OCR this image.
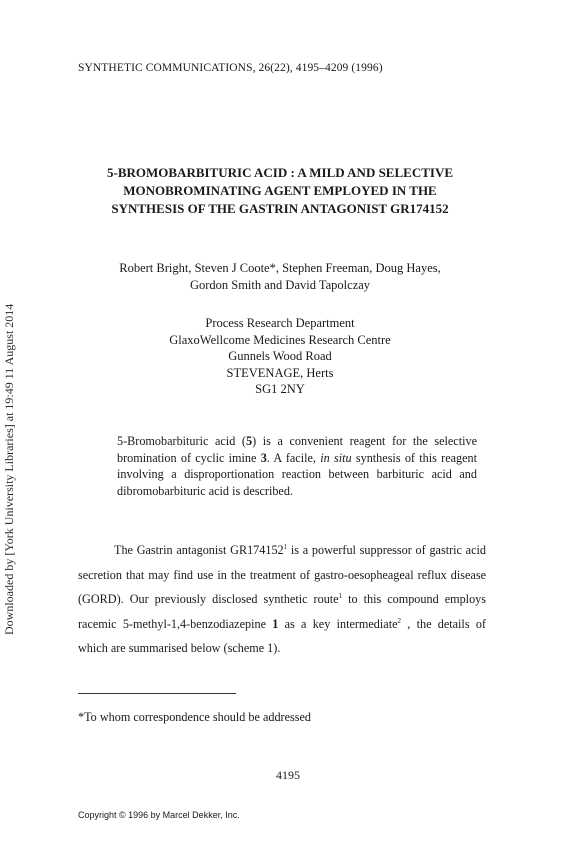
SYNTHETIC COMMUNICATIONS, 26(22), 4195–4209 (1996)
5-BROMOBARBITURIC ACID : A MILD AND SELECTIVE
MONOBROMINATING AGENT EMPLOYED IN THE
SYNTHESIS OF THE GASTRIN ANTAGONIST GR174152
Robert Bright, Steven J Coote*, Stephen Freeman, Doug Hayes,
Gordon Smith and David Tapolczay
Process Research Department
GlaxoWellcome Medicines Research Centre
Gunnels Wood Road
STEVENAGE, Herts
SG1 2NY
5-Bromobarbituric acid (5) is a convenient reagent for the selective bromination of cyclic imine 3. A facile, in situ synthesis of this reagent involving a disproportionation reaction between barbituric acid and dibromobarbituric acid is described.
The Gastrin antagonist GR174152$^1$ is a powerful suppressor of gastric acid secretion that may find use in the treatment of gastro-oesopheageal reflux disease (GORD). Our previously disclosed synthetic route$^1$ to this compound employs racemic 5-methyl-1,4-benzodiazepine 1 as a key intermediate$^2$ , the details of which are summarised below (scheme 1).
*To whom correspondence should be addressed
4195
Copyright © 1996 by Marcel Dekker, Inc.
Downloaded by [York University Libraries] at 19:49 11 August 2014
